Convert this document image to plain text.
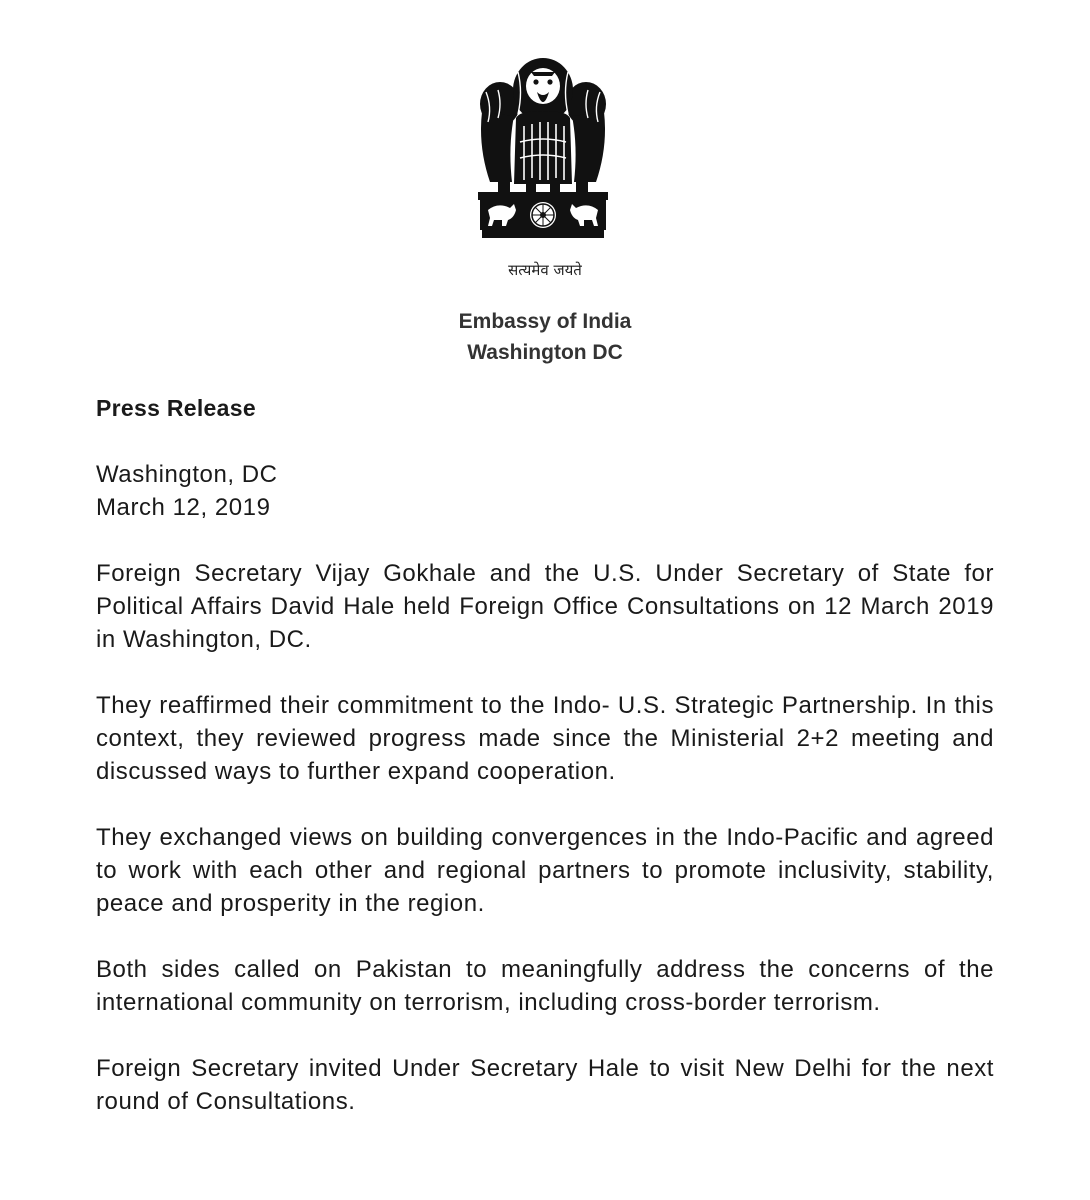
सत्यमेव जयते
Embassy of India
Washington DC
Press Release
Washington, DC
March 12, 2019

Foreign Secretary Vijay Gokhale and the U.S. Under Secretary of State for Political Affairs David Hale held Foreign Office Consultations on 12 March 2019 in Washington, DC.

They reaffirmed their commitment to the Indo- U.S. Strategic Partnership. In this context, they reviewed progress made since the Ministerial 2+2 meeting and discussed ways to further expand cooperation.

They exchanged views on building convergences in the Indo-Pacific and agreed to work with each other and regional partners to promote inclusivity, stability, peace and prosperity in the region.

Both sides called on Pakistan to meaningfully address the concerns of the international community on terrorism, including cross-border terrorism.

Foreign Secretary invited Under Secretary Hale to visit New Delhi for the next round of Consultations.
